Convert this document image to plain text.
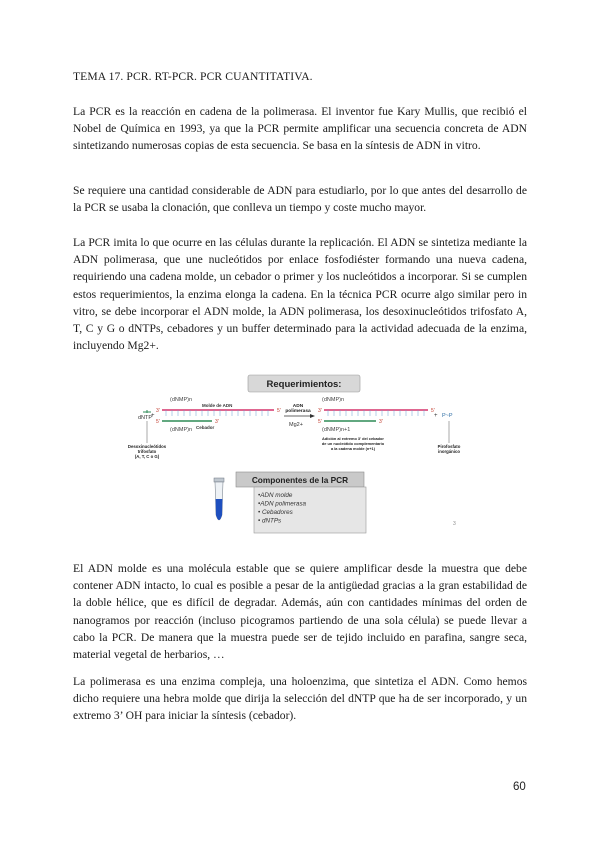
TEMA 17. PCR. RT-PCR. PCR CUANTITATIVA.

La PCR es la reacción en cadena de la polimerasa. El inventor fue Kary Mullis, que recibió el Nobel de Química en 1993, ya que la PCR permite amplificar una secuencia concreta de ADN sintetizando numerosas copias de esta secuencia. Se basa en la síntesis de ADN in vitro.

Se requiere una cantidad considerable de ADN para estudiarlo, por lo que antes del desarrollo de la PCR se usaba la clonación, que conlleva un tiempo y coste mucho mayor.

La PCR imita lo que ocurre en las células durante la replicación. El ADN se sintetiza mediante la ADN polimerasa, que une nucleótidos por enlace fosfodiéster formando una nueva cadena, requiriendo una cadena molde, un cebador o primer y los nucleótidos a incorporar. Si se cumplen estos requerimientos, la enzima elonga la cadena. En la técnica PCR ocurre algo similar pero in vitro, se debe incorporar el ADN molde, la ADN polimerasa, los desoxinucleótidos trifosfato A, T, C y G o dNTPs, cebadores y un buffer determinado para la actividad adecuada de la enzima, incluyendo Mg2+.

Requerimientos:
(dNMP)n
Molde de ADN
3'	5'
5'	3'
(dNMP)n Cebador
dNTP
+
Desoxinucleótidos
trifosfato
(A, T, C o G)
ADN
polimerasa
Mg2+
(dNMP)n
3'	5'
5'	3'
(dNMP)n+1
Adición al extremo 3' del cebador
de un nucleótido complementario
a la cadena molde (n+1)
+ P~P
Pirofosfato
inorgánico
Componentes de la PCR
•ADN molde
•ADN polimerasa
• Cebadores
• dNTPs	3

El ADN molde es una molécula estable que se quiere amplificar desde la muestra que debe contener ADN intacto, lo cual es posible a pesar de la antigüedad gracias a la gran estabilidad de la doble hélice, que es difícil de degradar. Además, aún con cantidades mínimas del orden de nanogramos por reacción (incluso picogramos partiendo de una sola célula) se puede llevar a cabo la PCR. De manera que la muestra puede ser de tejido incluido en parafina, sangre seca, material vegetal de herbarios, …

La polimerasa es una enzima compleja, una holoenzima, que sintetiza el ADN. Como hemos dicho requiere una hebra molde que dirija la selección del dNTP que ha de ser incorporado, y un extremo 3’ OH para iniciar la síntesis (cebador).

60
